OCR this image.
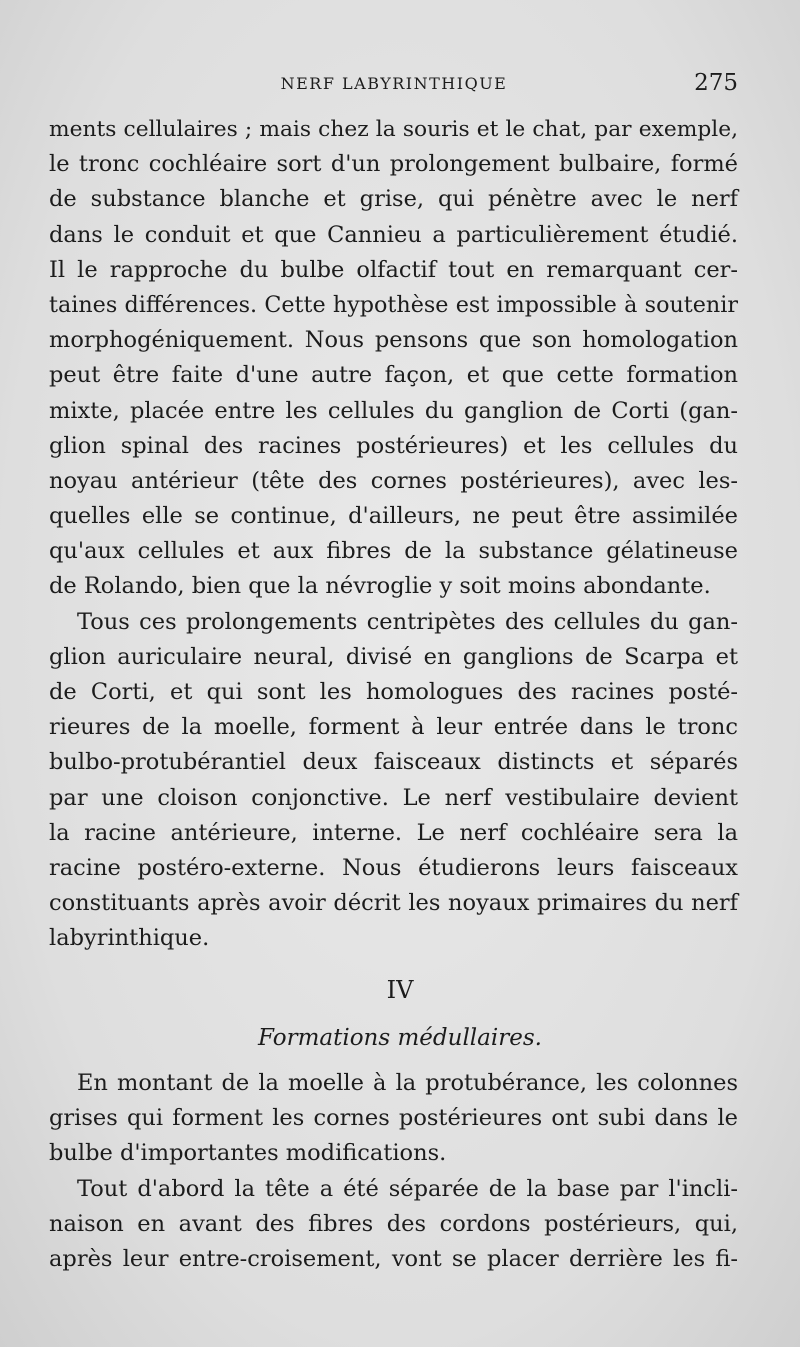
NERF LABYRINTHIQUE	275
ments cellulaires ; mais chez la souris et le chat, par exemple,
le tronc cochléaire sort d'un prolongement bulbaire, formé
de substance blanche et grise, qui pénètre avec le nerf
dans le conduit et que Cannieu a particulièrement étudié.
Il le rapproche du bulbe olfactif tout en remarquant cer-
taines différences. Cette hypothèse est impossible à soutenir
morphogéniquement. Nous pensons que son homologation
peut être faite d'une autre façon, et que cette formation
mixte, placée entre les cellules du ganglion de Corti (gan-
glion spinal des racines postérieures) et les cellules du
noyau antérieur (tête des cornes postérieures), avec les-
quelles elle se continue, d'ailleurs, ne peut être assimilée
qu'aux cellules et aux fibres de la substance gélatineuse
de Rolando, bien que la névroglie y soit moins abondante.
Tous ces prolongements centripètes des cellules du gan-
glion auriculaire neural, divisé en ganglions de Scarpa et
de Corti, et qui sont les homologues des racines posté-
rieures de la moelle, forment à leur entrée dans le tronc
bulbo-protubérantiel deux faisceaux distincts et séparés
par une cloison conjonctive. Le nerf vestibulaire devient
la racine antérieure, interne. Le nerf cochléaire sera la
racine postéro-externe. Nous étudierons leurs faisceaux
constituants après avoir décrit les noyaux primaires du nerf
labyrinthique.
IV
Formations médullaires.
En montant de la moelle à la protubérance, les colonnes
grises qui forment les cornes postérieures ont subi dans le
bulbe d'importantes modifications.
Tout d'abord la tête a été séparée de la base par l'incli-
naison en avant des fibres des cordons postérieurs, qui,
après leur entre-croisement, vont se placer derrière les fi-
